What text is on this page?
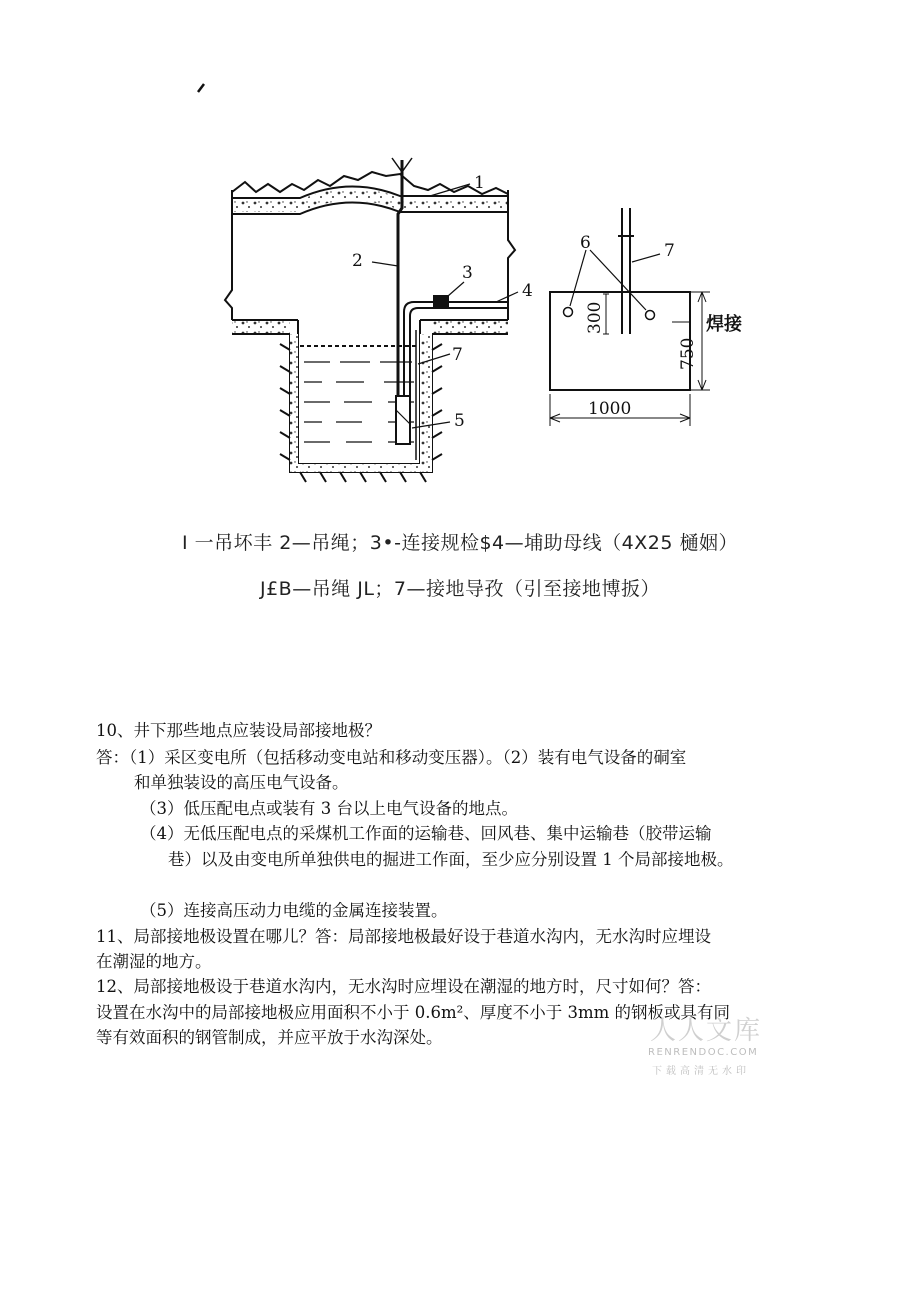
1
2
3
4
5
7
6	7
300
750
1000
焊接
I 一吊坏丰 2—吊绳；3•-连接规检$4—埔助母线（4X25 樋姻）
J£B—吊绳 JL；7—接地导孜（引至接地博扳）
10、井下那些地点应装设局部接地极？
答：（1）采区变电所（包括移动变电站和移动变压器）。（2）装有电气设备的硐室
和单独装设的高压电气设备。
（3）低压配电点或装有 3 台以上电气设备的地点。
（4）无低压配电点的采煤机工作面的运输巷、回风巷、集中运输巷（胶带运输
巷）以及由变电所单独供电的掘进工作面，至少应分别设置 1 个局部接地极。
（5）连接高压动力电缆的金属连接装置。
11、局部接地极设置在哪儿？答：局部接地极最好设于巷道水沟内，无水沟时应埋设
在潮湿的地方。
12、局部接地极设于巷道水沟内，无水沟时应埋设在潮湿的地方时，尺寸如何？答：
设置在水沟中的局部接地极应用面积不小于 0.6m²、厚度不小于 3mm 的钢板或具有同
等有效面积的钢管制成，并应平放于水沟深处。	人人文库
RENRENDOC.COM
下载高清无水印
